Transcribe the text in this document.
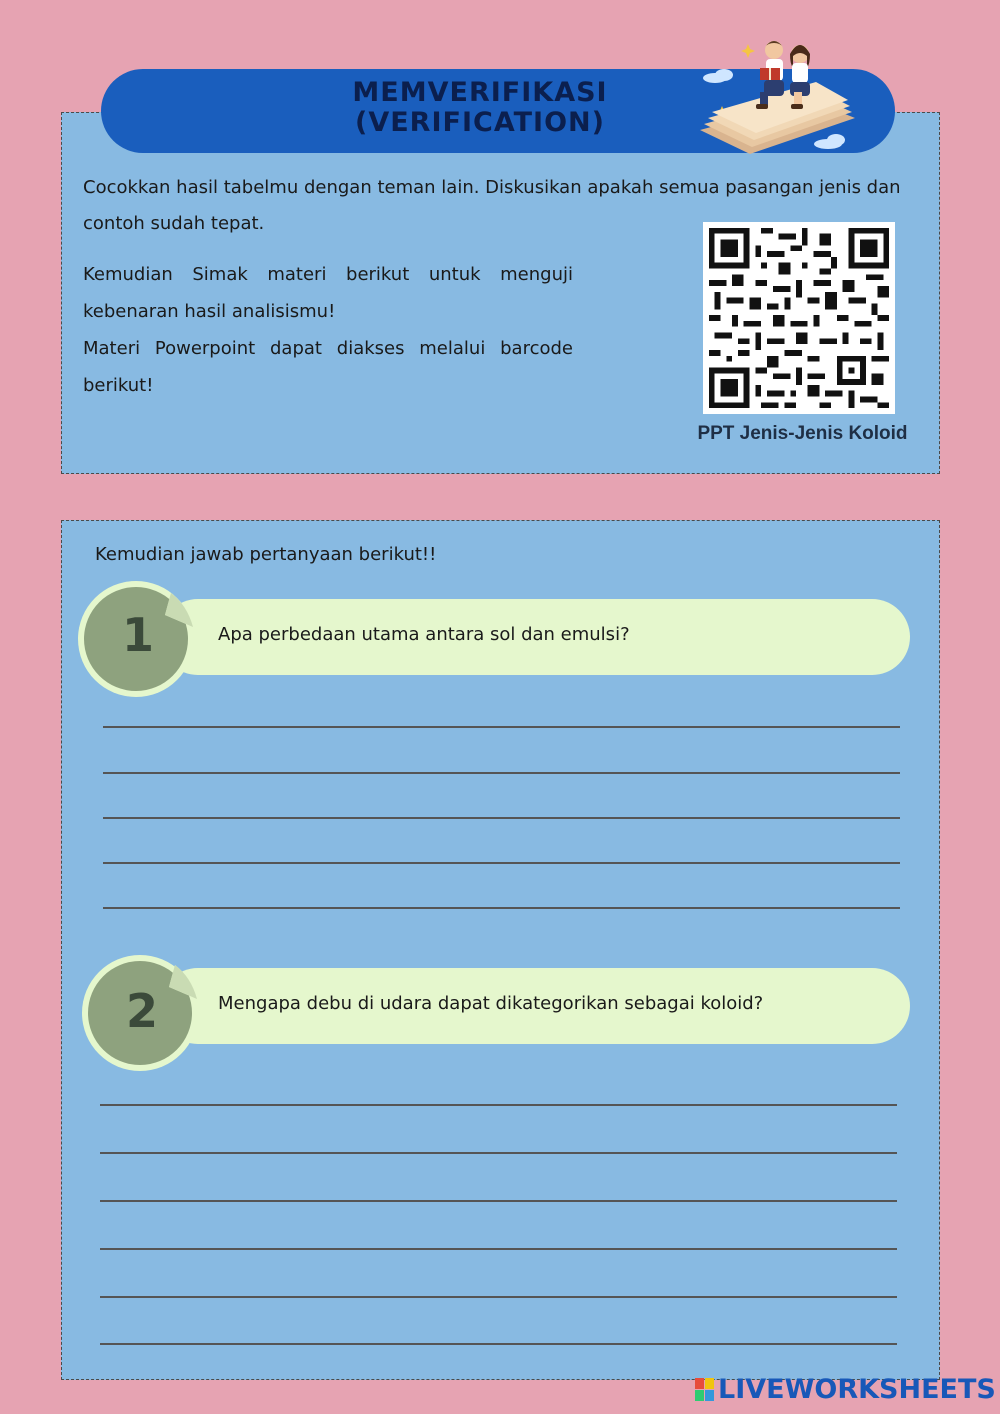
MEMVERIFIKASI
(VERIFICATION)
Cocokkan hasil tabelmu dengan teman lain. Diskusikan apakah semua pasangan jenis dan contoh sudah tepat.

Kemudian Simak materi berikut untuk menguji kebenaran hasil analisismu!

Materi Powerpoint dapat diakses melalui barcode berikut!

PPT Jenis-Jenis Koloid
Kemudian jawab pertanyaan berikut!!
1	Apa perbedaan utama antara sol dan emulsi?
2	Mengapa debu di udara dapat dikategorikan sebagai koloid?
LIVEWORKSHEETS
